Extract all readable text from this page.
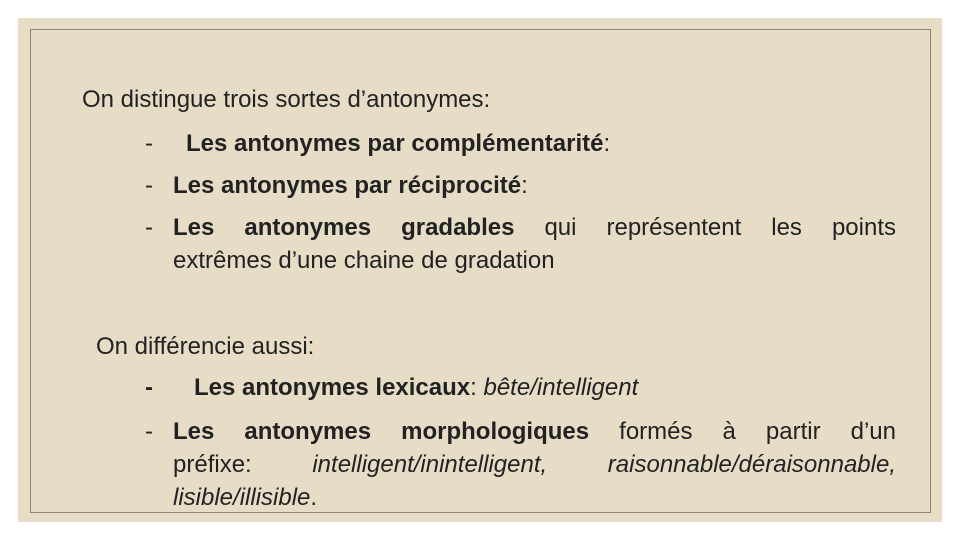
On distingue trois sortes d’antonymes:
- Les antonymes par complémentarité:
- Les antonymes par réciprocité:
- Les antonymes gradables qui représentent les points
extrêmes d’une chaine de gradation
On différencie aussi:
- Les antonymes lexicaux: bête/intelligent
- Les antonymes morphologiques formés à partir d’un
préfixe: intelligent/inintelligent, raisonnable/déraisonnable,
lisible/illisible.
